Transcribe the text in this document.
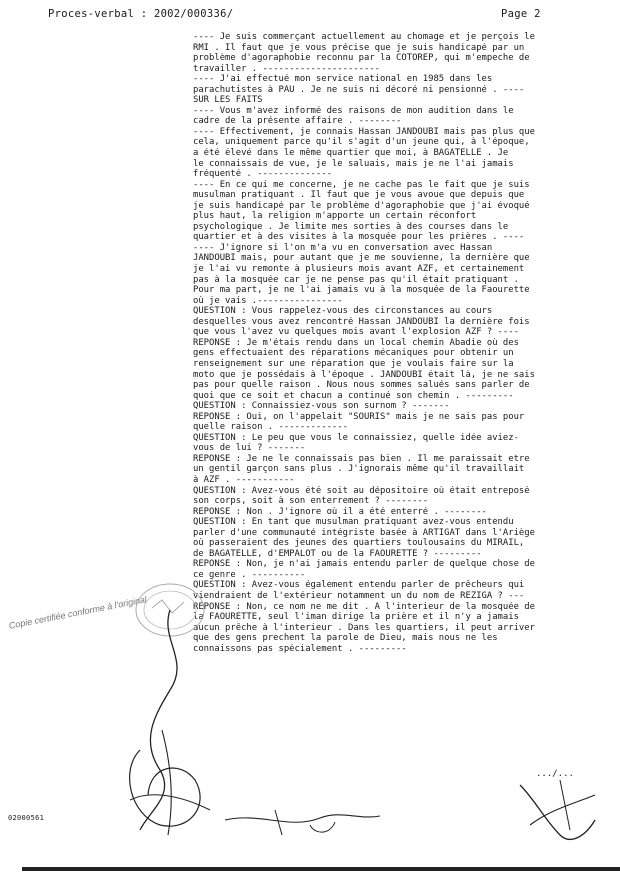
Proces-verbal : 2002/000336/	Page 2
---- Je suis commerçant actuellement au chomage et je perçois le
RMI . Il faut que je vous précise que je suis handicapé par un
problème d'agoraphobie reconnu par la COTOREP, qui m'empeche de
travailler . ----------------------
---- J'ai effectué mon service national en 1985 dans les
parachutistes à PAU . Je ne suis ni décoré ni pensionné . ----
SUR LES FAITS
---- Vous m'avez informé des raisons de mon audition dans le
cadre de la présente affaire . --------
---- Effectivement, je connais Hassan JANDOUBI mais pas plus que
cela, uniquement parce qu'il s'agit d'un jeune qui, à l'époque,
a été élevé dans le même quartier que moi, à BAGATELLE . Je
le connaissais de vue, je le saluais, mais je ne l'ai jamais
fréquenté . --------------
---- En ce qui me concerne, je ne cache pas le fait que je suis
musulman pratiquant . Il faut que je vous avoue que depuis que
je suis handicapé par le problème d'agoraphobie que j'ai évoqué
plus haut, la religion m'apporte un certain réconfort
psychologique . Je limite mes sorties à des courses dans le
quartier et à des visites à la mosquée pour les prières . ----
---- J'ignore si l'on m'a vu en conversation avec Hassan
JANDOUBI mais, pour autant que je me souvienne, la dernière que
je l'ai vu remonte à plusieurs mois avant AZF, et certainement
pas à la mosquée car je ne pense pas qu'il était pratiquant .
Pour ma part, je ne l'ai jamais vu à la mosquée de la Faourette
où je vais .----------------
QUESTION : Vous rappelez-vous des circonstances au cours
desquelles vous avez rencontré Hassan JANDOUBI la dernière fois
que vous l'avez vu quelques mois avant l'explosion AZF ? ----
REPONSE : Je m'étais rendu dans un local chemin Abadie où des
gens effectuaient des réparations mécaniques pour obtenir un
renseignement sur une réparation que je voulais faire sur la
moto que je possédais à l'époque . JANDOUBI était là, je ne sais
pas pour quelle raison . Nous nous sommes salués sans parler de
quoi que ce soit et chacun a continué son chemin . ---------
QUESTION : Connaissiez-vous son surnom ? -------
REPONSE : Oui, on l'appelait "SOURIS" mais je ne sais pas pour
quelle raison . -------------
QUESTION : Le peu que vous le connaissiez, quelle idée aviez-
vous de lui ? -------
REPONSE : Je ne le connaissais pas bien . Il me paraissait etre
un gentil garçon sans plus . J'ignorais même qu'il travaillait
à AZF . -----------
QUESTION : Avez-vous été soit au dépositoire où était entreposé
son corps, soit à son enterrement ? --------
REPONSE : Non . J'ignore où il a été enterré . --------
QUESTION : En tant que musulman pratiquant avez-vous entendu
parler d'une communauté intégriste basée à ARTIGAT dans l'Ariège
où passeraient des jeunes des quartiers toulousains du MIRAIL,
de BAGATELLE, d'EMPALOT ou de la FAOURETTE ? ---------
REPONSE : Non, je n'ai jamais entendu parler de quelque chose de
ce genre . ----------
QUESTION : Avez-vous également entendu parler de prêcheurs qui
viendraient de l'extérieur notamment un du nom de REZIGA ? ---
REPONSE : Non, ce nom ne me dit . A l'interieur de la mosquée de
la FAOURETTE, seul l'iman dirige la prière et il n'y a jamais
aucun prêche à l'interieur . Dans les quartiers, il peut arriver
que des gens prechent la parole de Dieu, mais nous ne les
connaissons pas spécialement . ---------
.../...
02000561
Copie certifiée conforme à l'original
